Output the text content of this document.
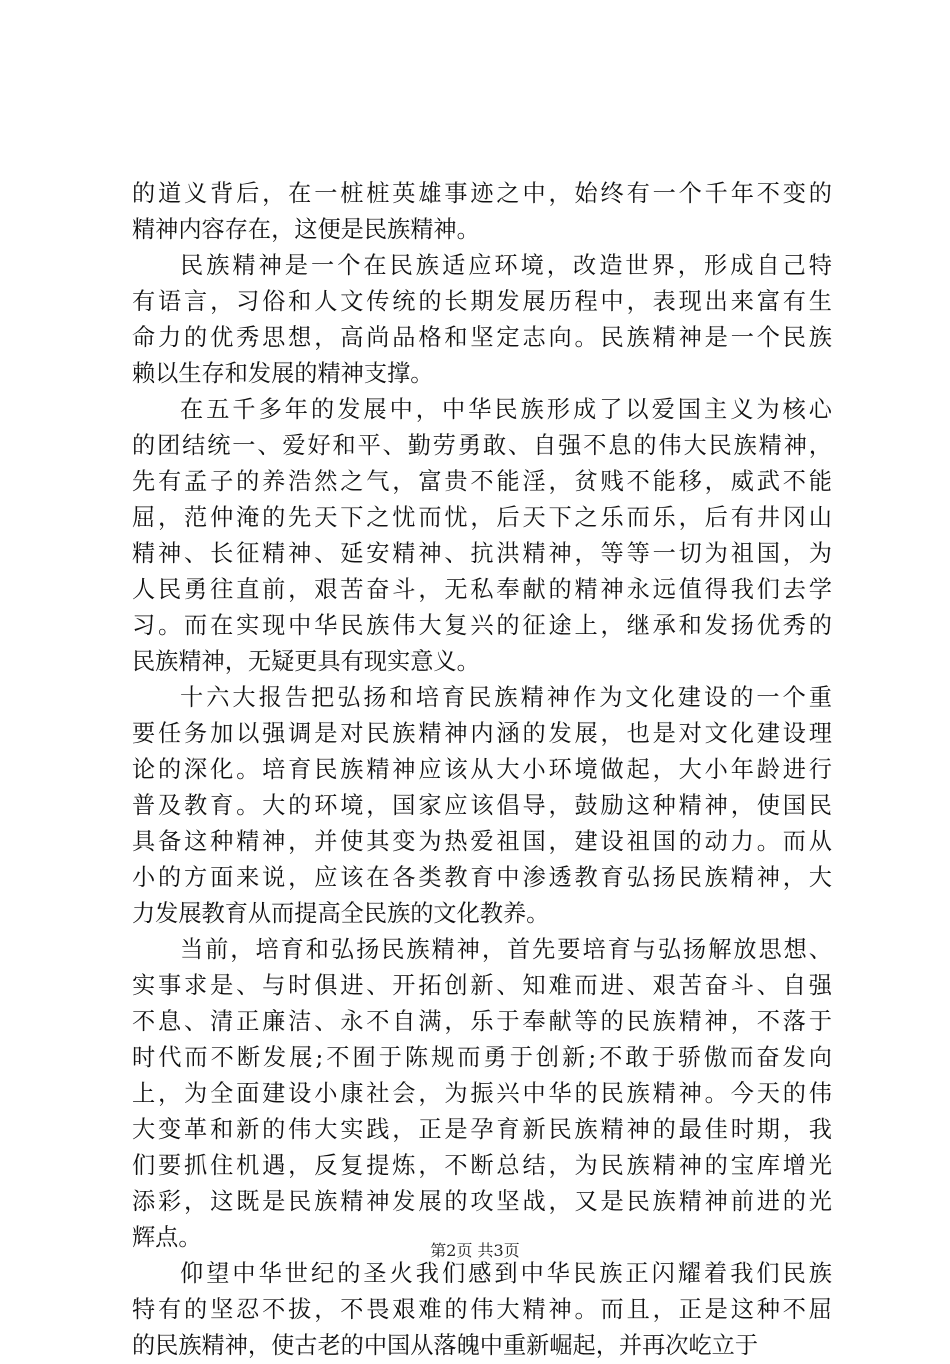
的道义背后，在一桩桩英雄事迹之中，始终有一个千年不变的
精神内容存在，这便是民族精神。
民族精神是一个在民族适应环境，改造世界，形成自己特
有语言，习俗和人文传统的长期发展历程中，表现出来富有生
命力的优秀思想，高尚品格和坚定志向。民族精神是一个民族
赖以生存和发展的精神支撑。
在五千多年的发展中，中华民族形成了以爱国主义为核心
的团结统一、爱好和平、勤劳勇敢、自强不息的伟大民族精神，
先有孟子的养浩然之气，富贵不能淫，贫贱不能移，威武不能
屈，范仲淹的先天下之忧而忧，后天下之乐而乐，后有井冈山
精神、长征精神、延安精神、抗洪精神，等等一切为祖国，为
人民勇往直前，艰苦奋斗，无私奉献的精神永远值得我们去学
习。而在实现中华民族伟大复兴的征途上，继承和发扬优秀的
民族精神，无疑更具有现实意义。
十六大报告把弘扬和培育民族精神作为文化建设的一个重
要任务加以强调是对民族精神内涵的发展，也是对文化建设理
论的深化。培育民族精神应该从大小环境做起，大小年龄进行
普及教育。大的环境，国家应该倡导，鼓励这种精神，使国民
具备这种精神，并使其变为热爱祖国，建设祖国的动力。而从
小的方面来说，应该在各类教育中渗透教育弘扬民族精神，大
力发展教育从而提高全民族的文化教养。
当前，培育和弘扬民族精神，首先要培育与弘扬解放思想、
实事求是、与时俱进、开拓创新、知难而进、艰苦奋斗、自强
不息、清正廉洁、永不自满，乐于奉献等的民族精神，不落于
时代而不断发展;不囿于陈规而勇于创新;不敢于骄傲而奋发向
上，为全面建设小康社会，为振兴中华的民族精神。今天的伟
大变革和新的伟大实践，正是孕育新民族精神的最佳时期，我
们要抓住机遇，反复提炼，不断总结，为民族精神的宝库增光
添彩，这既是民族精神发展的攻坚战，又是民族精神前进的光
辉点。
仰望中华世纪的圣火我们感到中华民族正闪耀着我们民族
特有的坚忍不拔，不畏艰难的伟大精神。而且，正是这种不屈
的民族精神，使古老的中国从落魄中重新崛起，并再次屹立于
第2页 共3页
